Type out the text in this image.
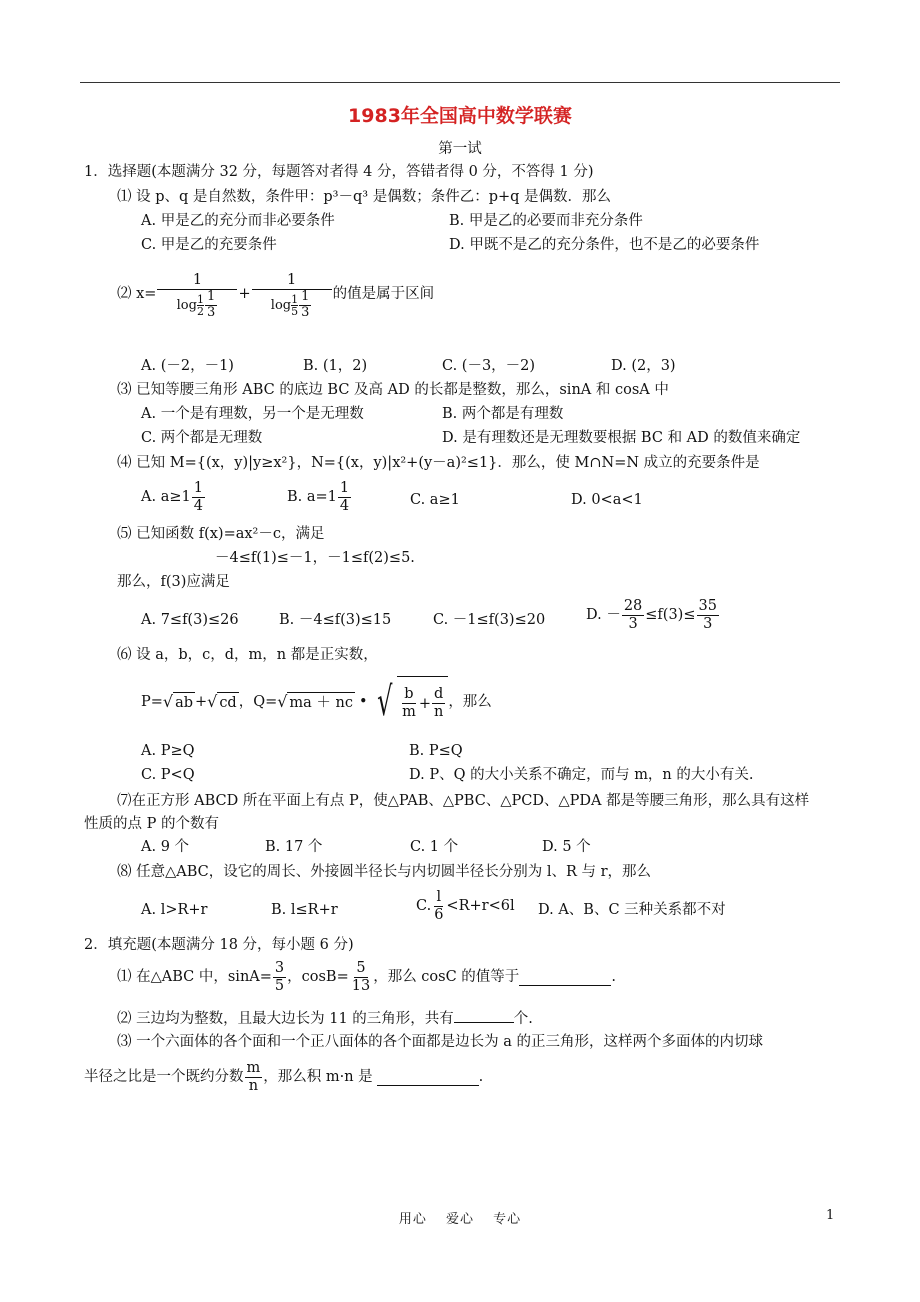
1983年全国高中数学联赛
第一试
1．选择题(本题满分 32 分，每题答对者得 4 分，答错者得 0 分，不答得 1 分)
⑴ 设 p、q 是自然数，条件甲：p³－q³ 是偶数；条件乙：p+q 是偶数．那么
A. 甲是乙的充分而非必要条件	B. 甲是乙的必要而非充分条件
C. 甲是乙的充要条件	D. 甲既不是乙的充分条件，也不是乙的必要条件
⑵ $x= \frac{1}{\log \frac{1}{2} \frac{1}{3}} + \frac{1}{\log \frac{1}{5} \frac{1}{3}}$ 的值是属于区间
A. (－2，－1)	B. (1，2)	C. (－3，－2)	D. (2，3)
⑶ 已知等腰三角形 ABC 的底边 BC 及高 AD 的长都是整数，那么，sinA 和 cosA 中
A. 一个是有理数，另一个是无理数	B. 两个都是有理数
C. 两个都是无理数	D. 是有理数还是无理数要根据 BC 和 AD 的数值来确定
⑷ 已知 M={(x，y)|y≥x²}，N={(x，y)|x²+(y－a)²≤1}．那么，使 M∩N=N 成立的充要条件是
A. $a\ge 1 \frac{1}{4}$	B. $a=1 \frac{1}{4}$	C. a≥1	D. 0<a<1
⑸ 已知函数 f(x)=ax²－c，满足
－4≤f(1)≤－1，－1≤f(2)≤5.
那么，f(3)应满足
A. 7≤f(3)≤26	B. －4≤f(3)≤15	C. －1≤f(3)≤20	D. － $\frac{28}{3} \le f(3)\le \frac{35}{3}$
⑹ 设 a，b，c，d，m，n 都是正实数，
P= √ ab + √ cd ，Q= √ ma ＋ nc • √ $\frac{b}{m} + \frac{d}{n}$ ，那么
A. P≥Q	B. P≤Q
C. P<Q	D. P、Q 的大小关系不确定，而与 m，n 的大小有关.
⑺在正方形 ABCD 所在平面上有点 P，使△PAB、△PBC、△PCD、△PDA 都是等腰三角形，那么具有这样
性质的点 P 的个数有
A. 9 个	B. 17 个	C. 1 个	D. 5 个
⑻ 任意△ABC，设它的周长、外接圆半径长与内切圆半径长分别为 l、R 与 r，那么
A. l>R+r	B. l≤R+r	C. $\frac{l}{6} <R+r<6l$ D. A、B、C 三种关系都不对
2．填充题(本题满分 18 分，每小题 6 分)
⑴ 在△ABC 中，$\sin A= \frac{3}{5}$ ，$\cos B= \frac{5}{13}$ ，那么 cosC 的值等于	.
⑵ 三边均为整数，且最大边长为 11 的三角形，共有	个.
⑶ 一个六面体的各个面和一个正八面体的各个面都是边长为 a 的正三角形，这样两个多面体的内切球
半径之比是一个既约分数 $\frac{m}{n}$ ，那么积 m·n 是	.
用心 　爱心 　专心	1
